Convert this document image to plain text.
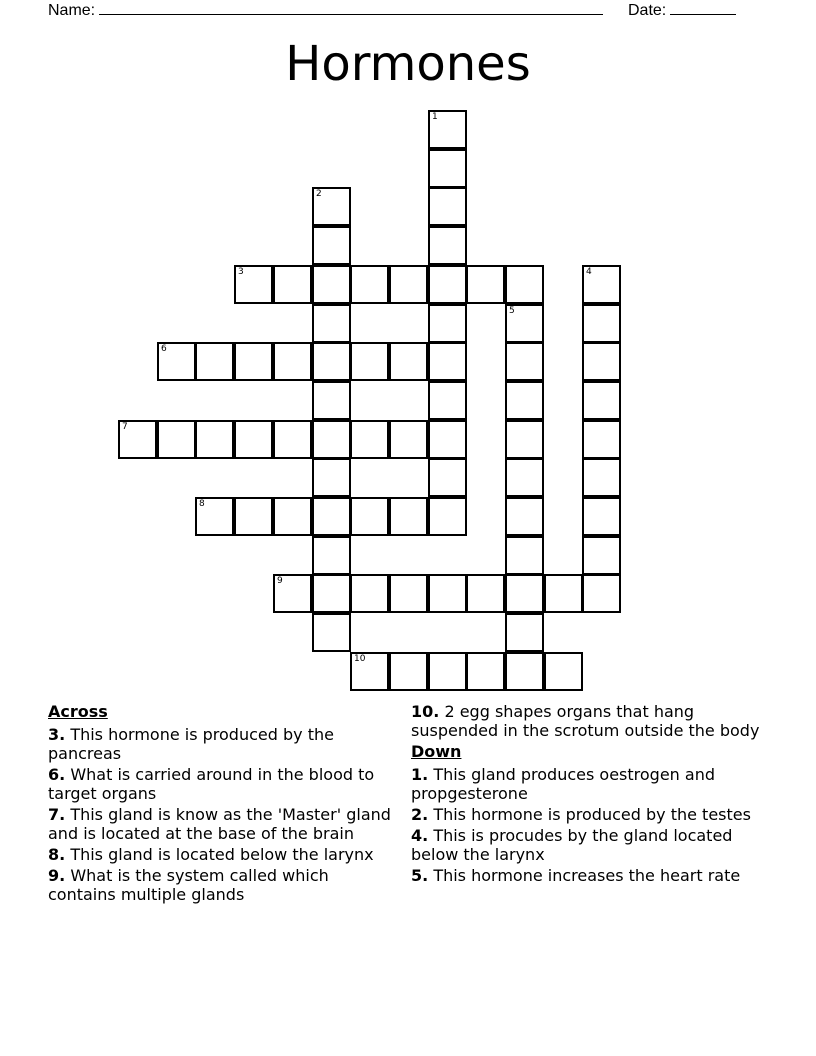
Name:	Date:
Hormones
1
2
3	4
5
6
7
8
9
10
Across
3. This hormone is produced by the pancreas
6. What is carried around in the blood to target organs
7. This gland is know as the 'Master' gland and is located at the base of the brain
8. This gland is located below the larynx
9. What is the system called which contains multiple glands
10. 2 egg shapes organs that hang suspended in the scrotum outside the body
Down
1. This gland produces oestrogen and propgesterone
2. This hormone is produced by the testes
4. This is procudes by the gland located below the larynx
5. This hormone increases the heart rate
